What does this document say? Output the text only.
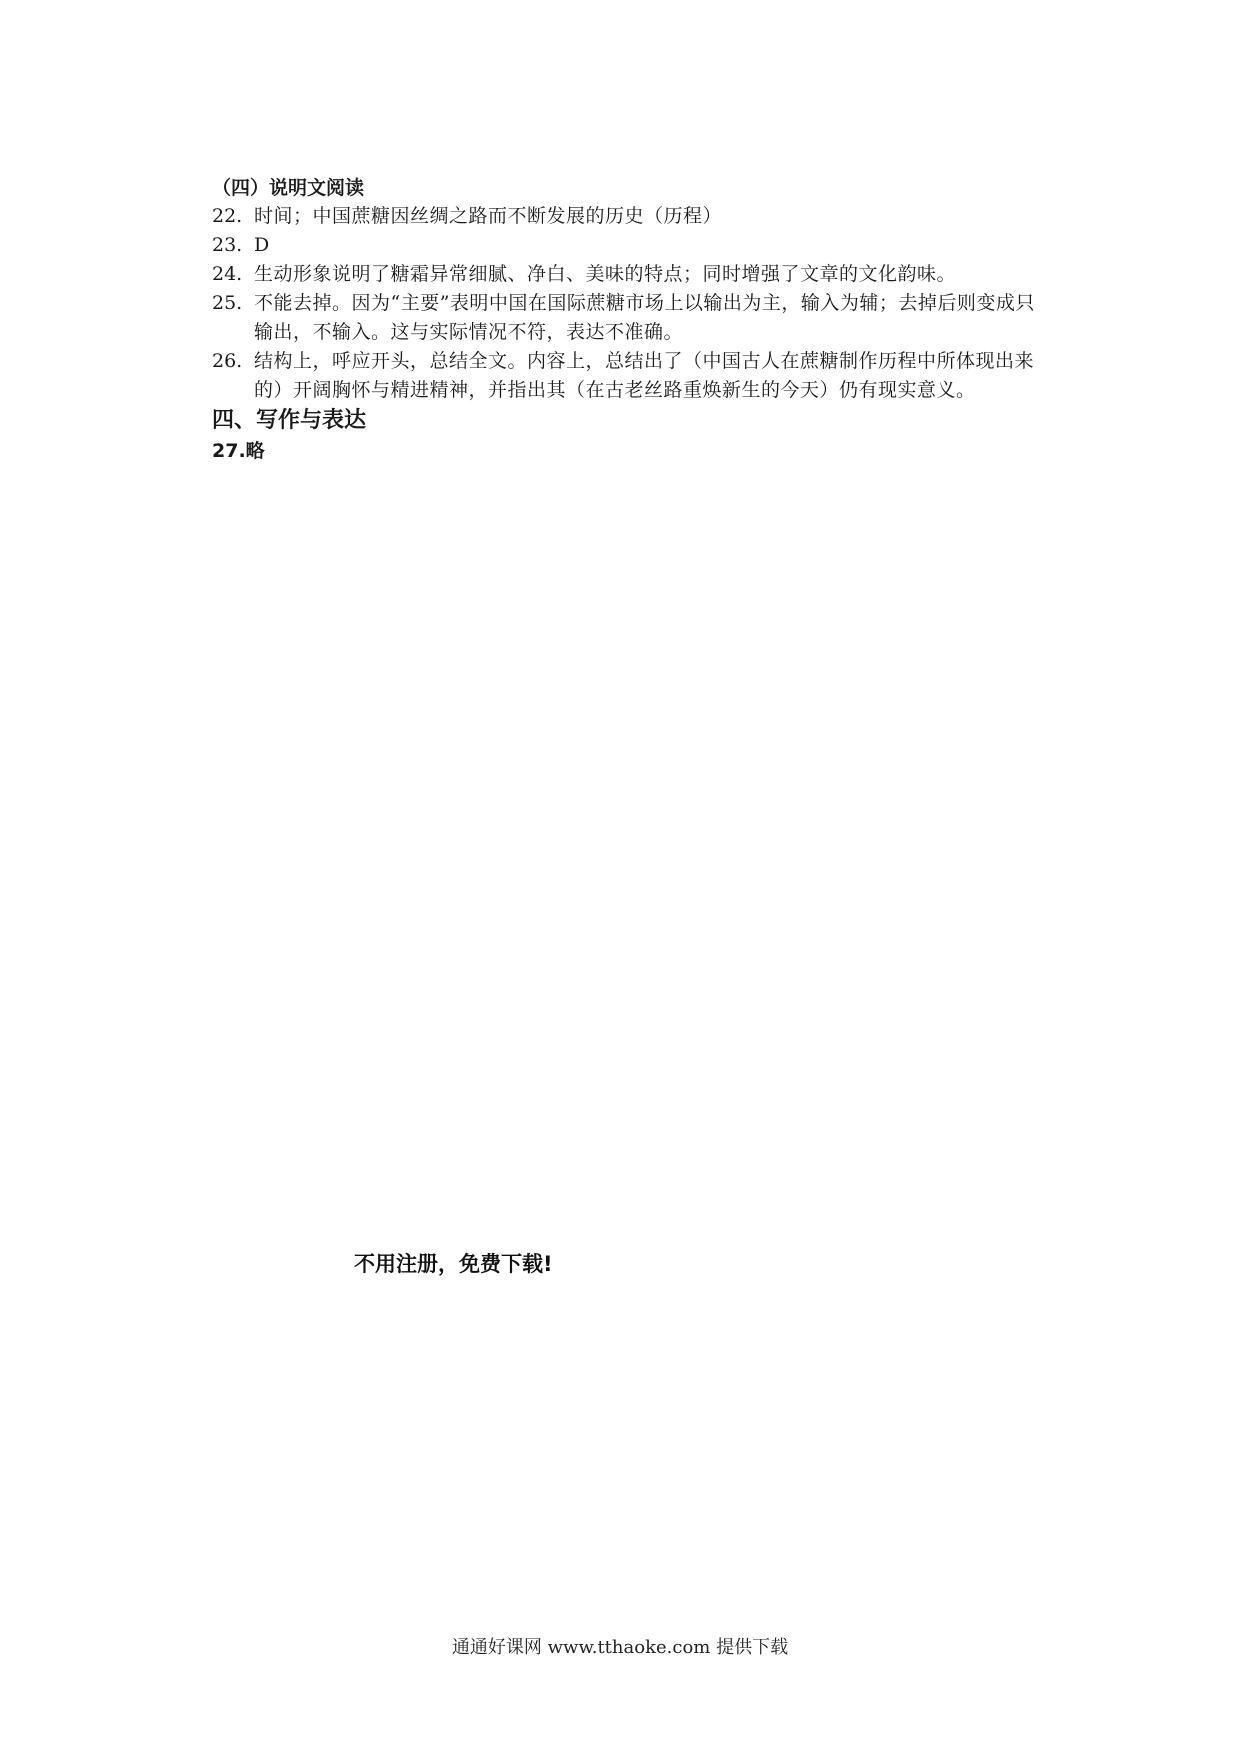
（四）说明文阅读

22. 时间；中国蔗糖因丝绸之路而不断发展的历史（历程）
23. D
24. 生动形象说明了糖霜异常细腻、净白、美味的特点；同时增强了文章的文化韵味。
25. 不能去掉。因为“主要”表明中国在国际蔗糖市场上以输出为主，输入为辅；去掉后则变成只输出，不输入。这与实际情况不符，表达不准确。
26. 结构上，呼应开头，总结全文。内容上，总结出了（中国古人在蔗糖制作历程中所体现出来的）开阔胸怀与精进精神，并指出其（在古老丝路重焕新生的今天）仍有现实意义。

四、写作与表达

27.略
不用注册，免费下载!
通通好课网 www.tthaoke.com 提供下载
